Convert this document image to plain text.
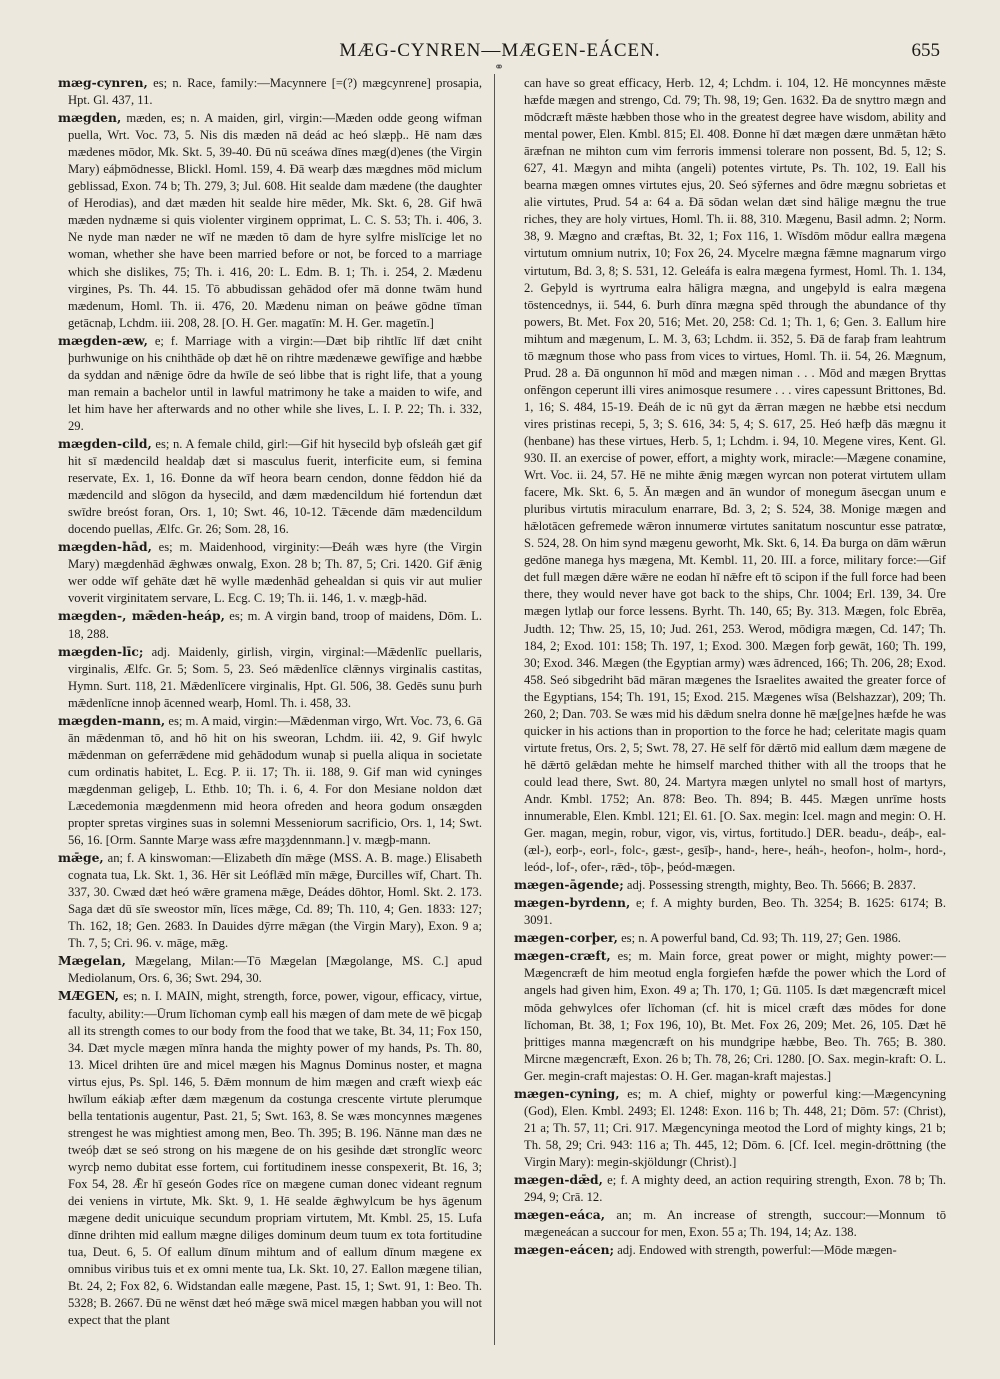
MÆG-CYNREN—MÆGEN-EÁCEN.	655
⚭

mæg-cynren, es; n. Race, family:—Macynnere [=(?) mægcynrene] prosapia, Hpt. Gl. 437, 11.

mægden, mæden, es; n. A maiden, girl, virgin:—Mæden odde geong wifman puella, Wrt. Voc. 73, 5. Nis dis mæden nā deád ac heó slæpþ.. Hē nam dæs mædenes mōdor, Mk. Skt. 5, 39-40. Đū nū sceáwa dīnes mæg(d)enes (the Virgin Mary) eáþmōdnesse, Blickl. Homl. 159, 4. Đā wearþ dæs mægdnes mōd miclum geblissad, Exon. 74 b; Th. 279, 3; Jul. 608. Hit sealde dam mædene (the daughter of Herodias), and dæt mæden hit sealde hire mēder, Mk. Skt. 6, 28. Gif hwā mæden nydnæme si quis violenter virginem opprimat, L. C. S. 53; Th. i. 406, 3. Ne nyde man næder ne wīf ne mæden tō dam de hyre sylfre mislīcige let no woman, whether she have been married before or not, be forced to a marriage which she dislikes, 75; Th. i. 416, 20: L. Edm. B. 1; Th. i. 254, 2. Mædenu virgines, Ps. Th. 44. 15. Tō abbudissan gehādod ofer mā donne twām hund mædenum, Homl. Th. ii. 476, 20. Mædenu niman on þeáwe gōdne tīman getācnaþ, Lchdm. iii. 208, 28. [O. H. Ger. magatīn: M. H. Ger. magetīn.]

mægden-æw, e; f. Marriage with a virgin:—Dæt biþ rihtlīc līf dæt cniht þurhwunige on his cnihthāde oþ dæt hē on rihtre mædenæwe gewīfige and hæbbe da syddan and nǣnige ōdre da hwīle de seó libbe that is right life, that a young man remain a bachelor until in lawful matrimony he take a maiden to wife, and let him have her afterwards and no other while she lives, L. I. P. 22; Th. i. 332, 29.

mægden-cild, es; n. A female child, girl:—Gif hit hysecild byþ ofsleáh gæt gif hit sī mædencild healdaþ dæt si masculus fuerit, interficite eum, si femina reservate, Ex. 1, 16. Đonne da wīf heora bearn cendon, donne fēddon hié da mædencild and slōgon da hysecild, and dæm mædencildum hié fortendun dæt swīdre breóst foran, Ors. 1, 10; Swt. 46, 10-12. Tǣcende dām mædencildum docendo puellas, Ælfc. Gr. 26; Som. 28, 16.

mægden-hād, es; m. Maidenhood, virginity:—Đeáh wæs hyre (the Virgin Mary) mægdenhād ǣghwæs onwalg, Exon. 28 b; Th. 87, 5; Cri. 1420. Gif ǣnig wer odde wīf gehāte dæt hē wylle mædenhād gehealdan si quis vir aut mulier voverit virginitatem servare, L. Ecg. C. 19; Th. ii. 146, 1. v. mægþ-hād.

mægden-, mǣden-heáp, es; m. A virgin band, troop of maidens, Dōm. L. 18, 288.

mægden-līc; adj. Maidenly, girlish, virgin, virginal:—Mǣdenlīc puellaris, virginalis, Ælfc. Gr. 5; Som. 5, 23. Seó mǣdenlīce clǣnnys virginalis castitas, Hymn. Surt. 118, 21. Mǣdenlīcere virginalis, Hpt. Gl. 506, 38. Gedēs sunu þurh mǣdenlīcne innoþ ācenned wearþ, Homl. Th. i. 458, 33.

mægden-mann, es; m. A maid, virgin:—Mǣdenman virgo, Wrt. Voc. 73, 6. Gā ān mǣdenman tō, and hō hit on his sweoran, Lchdm. iii. 42, 9. Gif hwylc mǣdenman on geferrǣdene mid gehādodum wunaþ si puella aliqua in societate cum ordinatis habitet, L. Ecg. P. ii. 17; Th. ii. 188, 9. Gif man wid cyninges mægdenman geligeþ, L. Ethb. 10; Th. i. 6, 4. For don Mesiane noldon dæt Læcedemonia mægdenmenn mid heora ofreden and heora godum onsægden propter spretas virgines suas in solemni Messeniorum sacrificio, Ors. 1, 14; Swt. 56, 16. [Orm. Sannte Marȝe wass æfre maȝȝdennmann.] v. mægþ-mann.

mǣge, an; f. A kinswoman:—Elizabeth dīn mǣge (MSS. A. B. mage.) Elisabeth cognata tua, Lk. Skt. 1, 36. Hēr sit Leóflǣd mīn mǣge, Đurcilles wīf, Chart. Th. 337, 30. Cwæd dæt heó wǣre gramena mǣge, Deádes dōhtor, Homl. Skt. 2. 173. Saga dæt dū sīe sweostor mīn, līces mǣge, Cd. 89; Th. 110, 4; Gen. 1833: 127; Th. 162, 18; Gen. 2683. In Dauides dȳrre mǣgan (the Virgin Mary), Exon. 9 a; Th. 7, 5; Cri. 96. v. māge, mǣg.

Mægelan, Mægelang, Milan:—Tō Mægelan [Mægolange, MS. C.] apud Mediolanum, Ors. 6, 36; Swt. 294, 30.

MÆGEN, es; n. I. MAIN, might, strength, force, power, vigour, efficacy, virtue, faculty, ability:—Ūrum līchoman cymþ eall his mægen of dam mete de wē þicgaþ all its strength comes to our body from the food that we take, Bt. 34, 11; Fox 150, 34. Dæt mycle mægen mīnra handa the mighty power of my hands, Ps. Th. 80, 13. Micel drihten ūre and micel mægen his Magnus Dominus noster, et magna virtus ejus, Ps. Spl. 146, 5. Đǣm monnum de him mægen and cræft wiexþ eác hwīlum eákiaþ æfter dæm mægenum da costunga crescente virtute plerumque bella tentationis augentur, Past. 21, 5; Swt. 163, 8. Se wæs moncynnes mægenes strengest he was mightiest among men, Beo. Th. 395; B. 196. Nānne man dæs ne tweóþ dæt se seó strong on his mægene de on his gesihde dæt stronglīc weorc wyrcþ nemo dubitat esse fortem, cui fortitudinem inesse conspexerit, Bt. 16, 3; Fox 54, 28. Ǣr hī geseón Godes rīce on mægene cuman donec videant regnum dei veniens in virtute, Mk. Skt. 9, 1. Hē sealde ǣghwylcum be hys āgenum mægene dedit unicuique secundum propriam virtutem, Mt. Kmbl. 25, 15. Lufa dīnne drihten mid eallum mægne diliges dominum deum tuum ex tota fortitudine tua, Deut. 6, 5. Of eallum dīnum mihtum and of eallum dīnum mægene ex omnibus viribus tuis et ex omni mente tua, Lk. Skt. 10, 27. Eallon mægene tilian, Bt. 24, 2; Fox 82, 6. Widstandan ealle mægene, Past. 15, 1; Swt. 91, 1: Beo. Th. 5328; B. 2667. Đū ne wēnst dæt heó mǣge swā micel mægen habban you will not expect that the plant

can have so great efficacy, Herb. 12, 4; Lchdm. i. 104, 12. Hē moncynnes mǣste hæfde mægen and strengo, Cd. 79; Th. 98, 19; Gen. 1632. Đa de snyttro mægn and mōdcræft mǣste hæbben those who in the greatest degree have wisdom, ability and mental power, Elen. Kmbl. 815; El. 408. Đonne hī dæt mægen dære unmǣtan hǣto āræfnan ne mihton cum vim ferroris immensi tolerare non possent, Bd. 5, 12; S. 627, 41. Mægyn and mihta (angeli) potentes virtute, Ps. Th. 102, 19. Eall his bearna mægen omnes virtutes ejus, 20. Seó sȳfernes and ōdre mægnu sobrietas et alie virtutes, Prud. 54 a: 64 a. Đā sōdan welan dæt sind hālige mægnu the true riches, they are holy virtues, Homl. Th. ii. 88, 310. Mægenu, Basil admn. 2; Norm. 38, 9. Mægno and cræftas, Bt. 32, 1; Fox 116, 1. Wīsdōm mōdur eallra mægena virtutum omnium nutrix, 10; Fox 26, 24. Mycelre mægna fǣmne magnarum virgo virtutum, Bd. 3, 8; S. 531, 12. Geleáfa is ealra mægena fyrmest, Homl. Th. 1. 134, 2. Geþyld is wyrtruma ealra hāligra mægna, and ungeþyld is ealra mægena tōstencednys, ii. 544, 6. Þurh dīnra mægna spēd through the abundance of thy powers, Bt. Met. Fox 20, 516; Met. 20, 258: Cd. 1; Th. 1, 6; Gen. 3. Eallum hire mihtum and mægenum, L. M. 3, 63; Lchdm. ii. 352, 5. Đā de faraþ fram leahtrum tō mægnum those who pass from vices to virtues, Homl. Th. ii. 54, 26. Mægnum, Prud. 28 a. Đā ongunnon hī mōd and mægen niman . . . Mōd and mægen Bryttas onfēngon ceperunt illi vires animosque resumere . . . vires capessunt Brittones, Bd. 1, 16; S. 484, 15-19. Đeáh de ic nū gyt da ǣrran mægen ne hæbbe etsi necdum vires pristinas recepi, 5, 3; S. 616, 34: 5, 4; S. 617, 25. Heó hæfþ dās mægnu it (henbane) has these virtues, Herb. 5, 1; Lchdm. i. 94, 10. Megene vires, Kent. Gl. 930. II. an exercise of power, effort, a mighty work, miracle:—Mægene conamine, Wrt. Voc. ii. 24, 57. Hē ne mihte ǣnig mægen wyrcan non poterat virtutem ullam facere, Mk. Skt. 6, 5. Ān mægen and ān wundor of monegum āsecgan unum e pluribus virtutis miraculum enarrare, Bd. 3, 2; S. 524, 38. Monige mægen and hǣlotācen gefremede wǣron innumerœ virtutes sanitatum noscuntur esse patratœ, S. 524, 28. On him synd mægenu geworht, Mk. Skt. 6, 14. Đa burga on dām wǣrun gedōne manega hys mægena, Mt. Kembl. 11, 20. III. a force, military force:—Gif det full mægen dǣre wǣre ne eodan hī nǣfre eft tō scipon if the full force had been there, they would never have got back to the ships, Chr. 1004; Erl. 139, 34. Ūre mægen lytlaþ our force lessens. Byrht. Th. 140, 65; By. 313. Mægen, folc Ebrēa, Judth. 12; Thw. 25, 15, 10; Jud. 261, 253. Werod, mōdigra mægen, Cd. 147; Th. 184, 2; Exod. 101: 158; Th. 197, 1; Exod. 300. Mægen forþ gewāt, 160; Th. 199, 30; Exod. 346. Mægen (the Egyptian army) wæs ādrenced, 166; Th. 206, 28; Exod. 458. Seó sibgedriht bād māran mægenes the Israelites awaited the greater force of the Egyptians, 154; Th. 191, 15; Exod. 215. Mægenes wīsa (Belshazzar), 209; Th. 260, 2; Dan. 703. Se wæs mid his dǣdum snelra donne hē mæ[ge]nes hæfde he was quicker in his actions than in proportion to the force he had; celeritate magis quam virtute fretus, Ors. 2, 5; Swt. 78, 27. Hē self fōr dǣrtō mid eallum dæm mægene de hē dǣrtō gelǣdan mehte he himself marched thither with all the troops that he could lead there, Swt. 80, 24. Martyra mægen unlytel no small host of martyrs, Andr. Kmbl. 1752; An. 878: Beo. Th. 894; B. 445. Mægen unrīme hosts innumerable, Elen. Kmbl. 121; El. 61. [O. Sax. megin: Icel. magn and megin: O. H. Ger. magan, megin, robur, vigor, vis, virtus, fortitudo.] DER. beadu-, deáþ-, eal-(æl-), eorþ-, eorl-, folc-, gæst-, gesīþ-, hand-, here-, heáh-, heofon-, holm-, hord-, leód-, lof-, ofer-, rǣd-, tōþ-, þeód-mægen.

mægen-āgende; adj. Possessing strength, mighty, Beo. Th. 5666; B. 2837.

mægen-byrdenn, e; f. A mighty burden, Beo. Th. 3254; B. 1625: 6174; B. 3091.

mægen-corþer, es; n. A powerful band, Cd. 93; Th. 119, 27; Gen. 1986.

mægen-cræft, es; m. Main force, great power or might, mighty power:—Mægencræft de him meotud engla forgiefen hæfde the power which the Lord of angels had given him, Exon. 49 a; Th. 170, 1; Gū. 1105. Is dæt mægencræft micel mōda gehwylces ofer līchoman (cf. hit is micel cræft dæs mōdes for done līchoman, Bt. 38, 1; Fox 196, 10), Bt. Met. Fox 26, 209; Met. 26, 105. Dæt hē þrittiges manna mægencræft on his mundgripe hæbbe, Beo. Th. 765; B. 380. Mircne mægencræft, Exon. 26 b; Th. 78, 26; Cri. 1280. [O. Sax. megin-kraft: O. L. Ger. megin-craft majestas: O. H. Ger. magan-kraft majestas.]

mægen-cyning, es; m. A chief, mighty or powerful king:—Mægencyning (God), Elen. Kmbl. 2493; El. 1248: Exon. 116 b; Th. 448, 21; Dōm. 57: (Christ), 21 a; Th. 57, 11; Cri. 917. Mægencyninga meotod the Lord of mighty kings, 21 b; Th. 58, 29; Cri. 943: 116 a; Th. 445, 12; Dōm. 6. [Cf. Icel. megin-drōttning (the Virgin Mary): megin-skjöldungr (Christ).]

mægen-dǣd, e; f. A mighty deed, an action requiring strength, Exon. 78 b; Th. 294, 9; Crā. 12.

mægen-eáca, an; m. An increase of strength, succour:—Monnum tō mægeneácan a succour for men, Exon. 55 a; Th. 194, 14; Az. 138.

mægen-eácen; adj. Endowed with strength, powerful:—Mōde mægen-
